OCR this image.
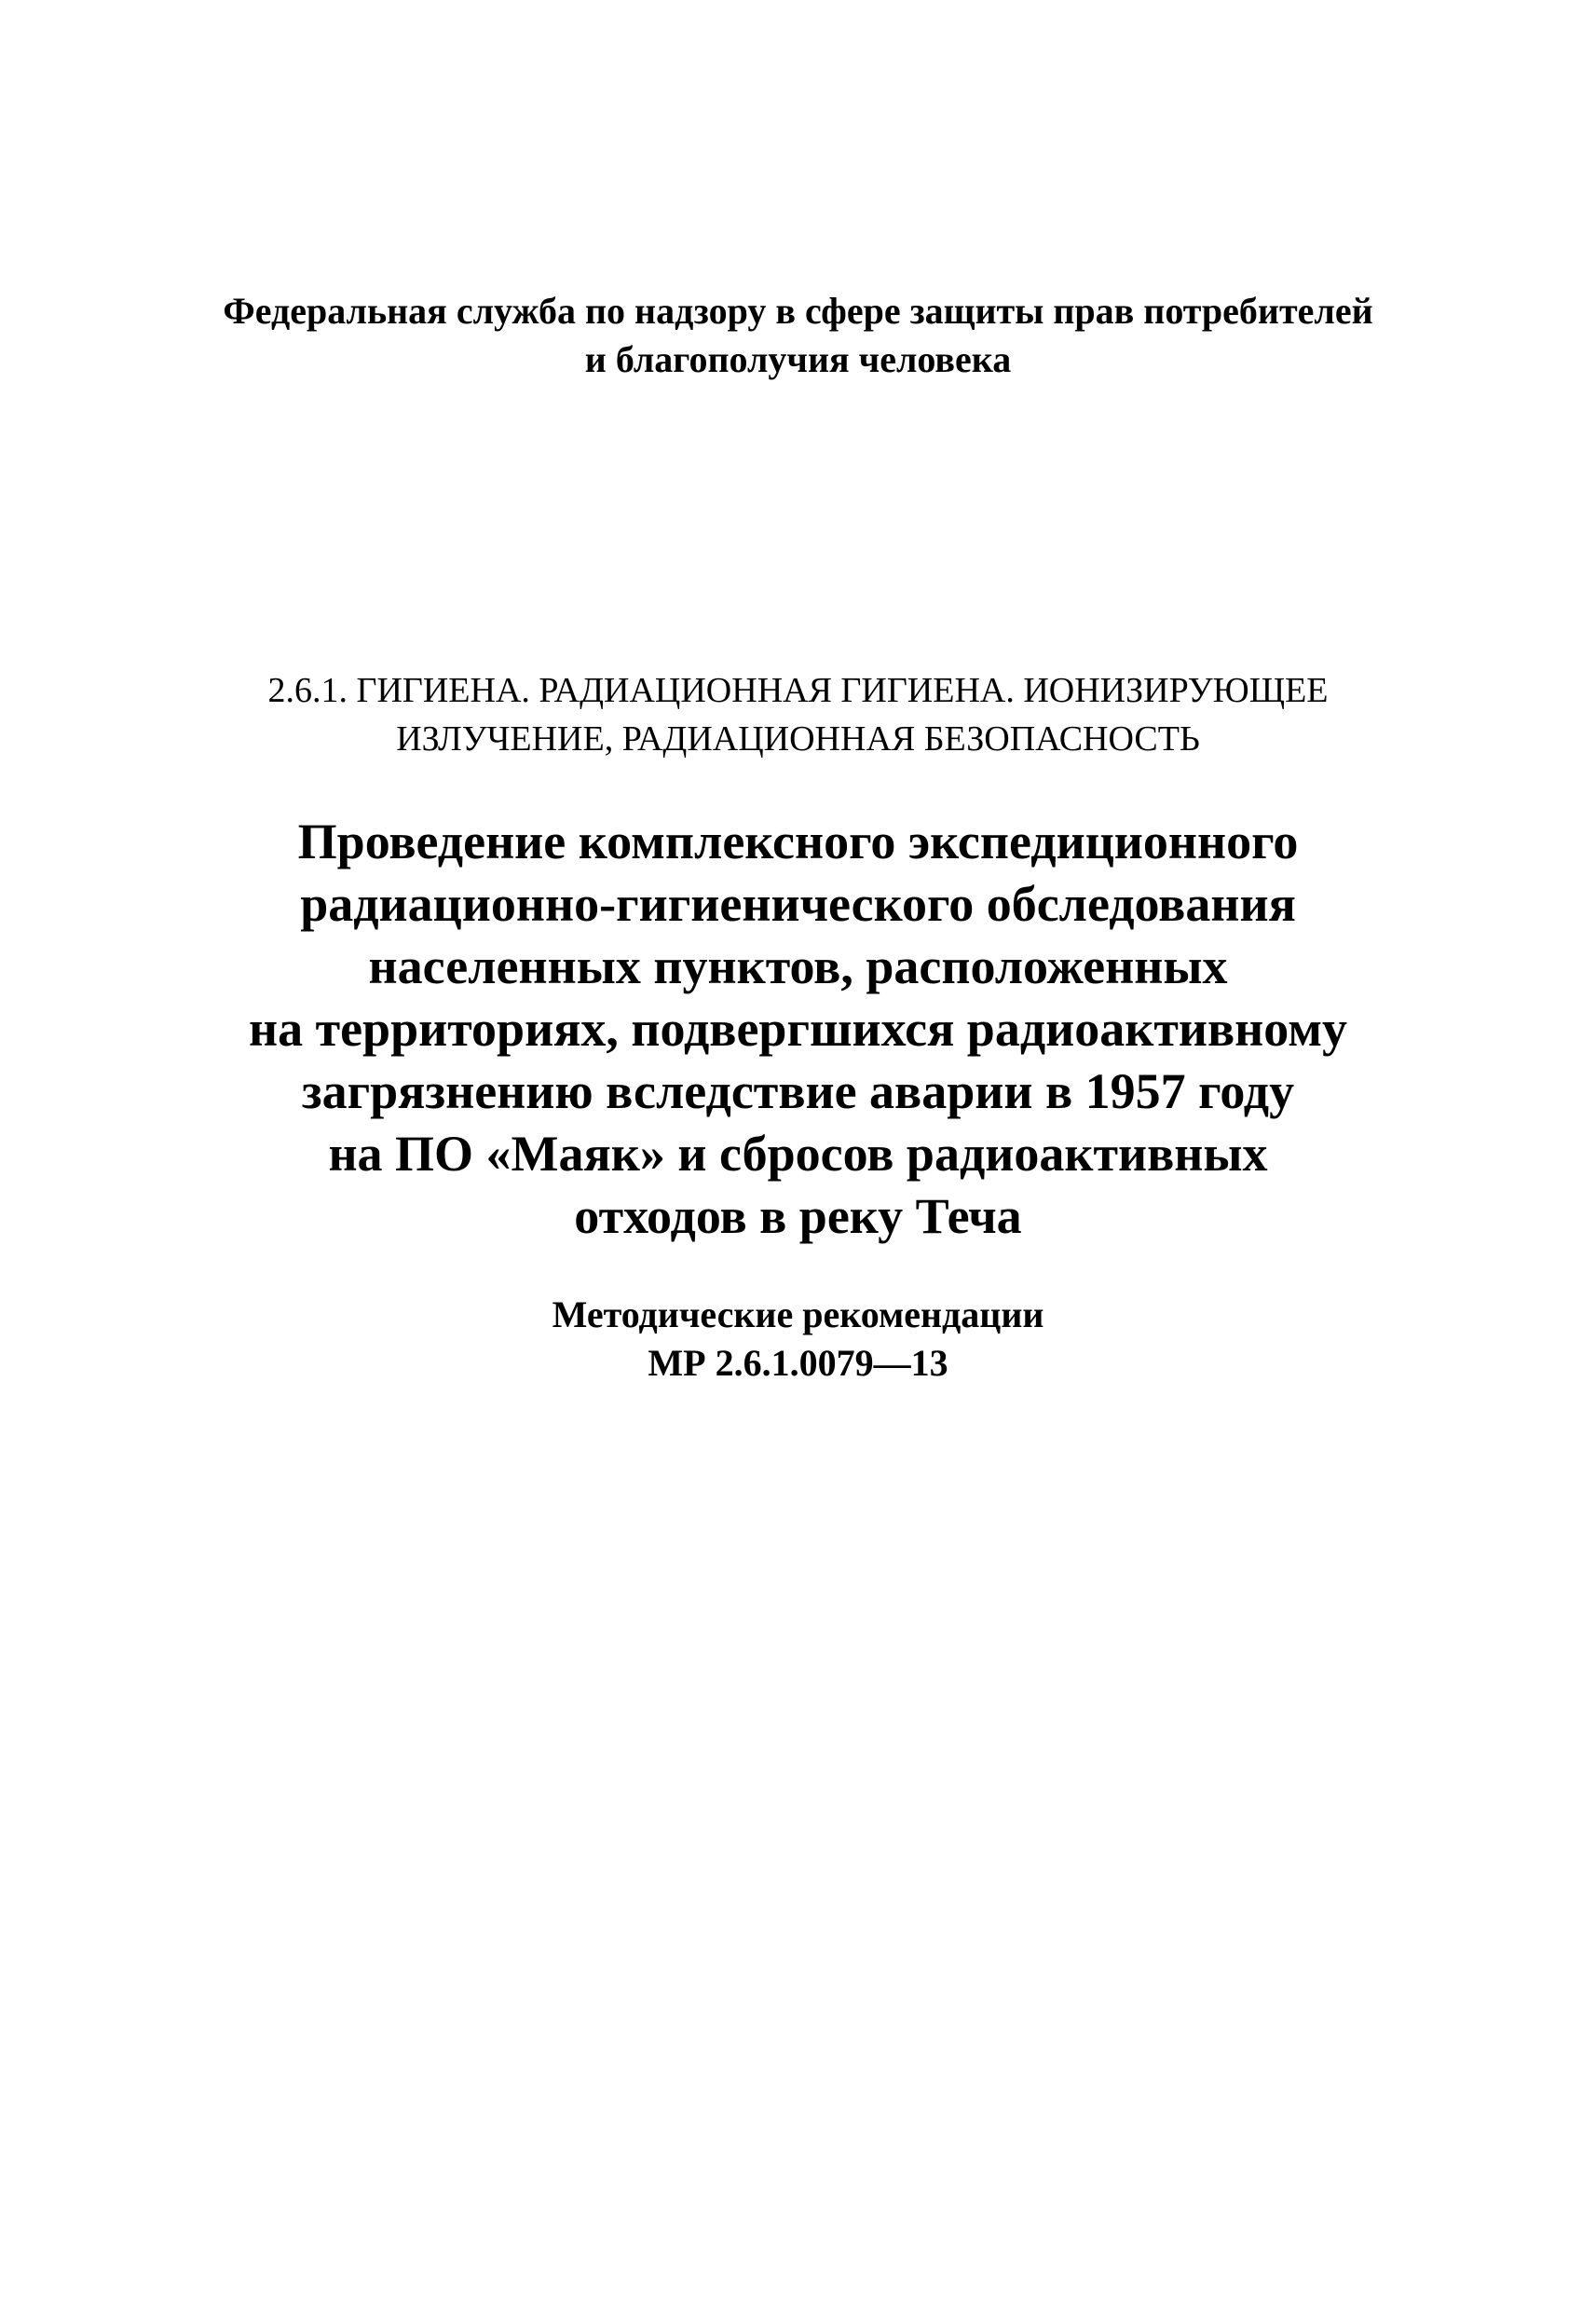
Федеральная служба по надзору в сфере защиты прав потребителей
и благополучия человека
2.6.1. ГИГИЕНА. РАДИАЦИОННАЯ ГИГИЕНА. ИОНИЗИРУЮЩЕЕ
ИЗЛУЧЕНИЕ, РАДИАЦИОННАЯ БЕЗОПАСНОСТЬ
Проведение комплексного экспедиционного
радиационно-гигиенического обследования
населенных пунктов, расположенных
на территориях, подвергшихся радиоактивному
загрязнению вследствие аварии в 1957 году
на ПО «Маяк» и сбросов радиоактивных
отходов в реку Теча
Методические рекомендации
МР 2.6.1.0079—13
